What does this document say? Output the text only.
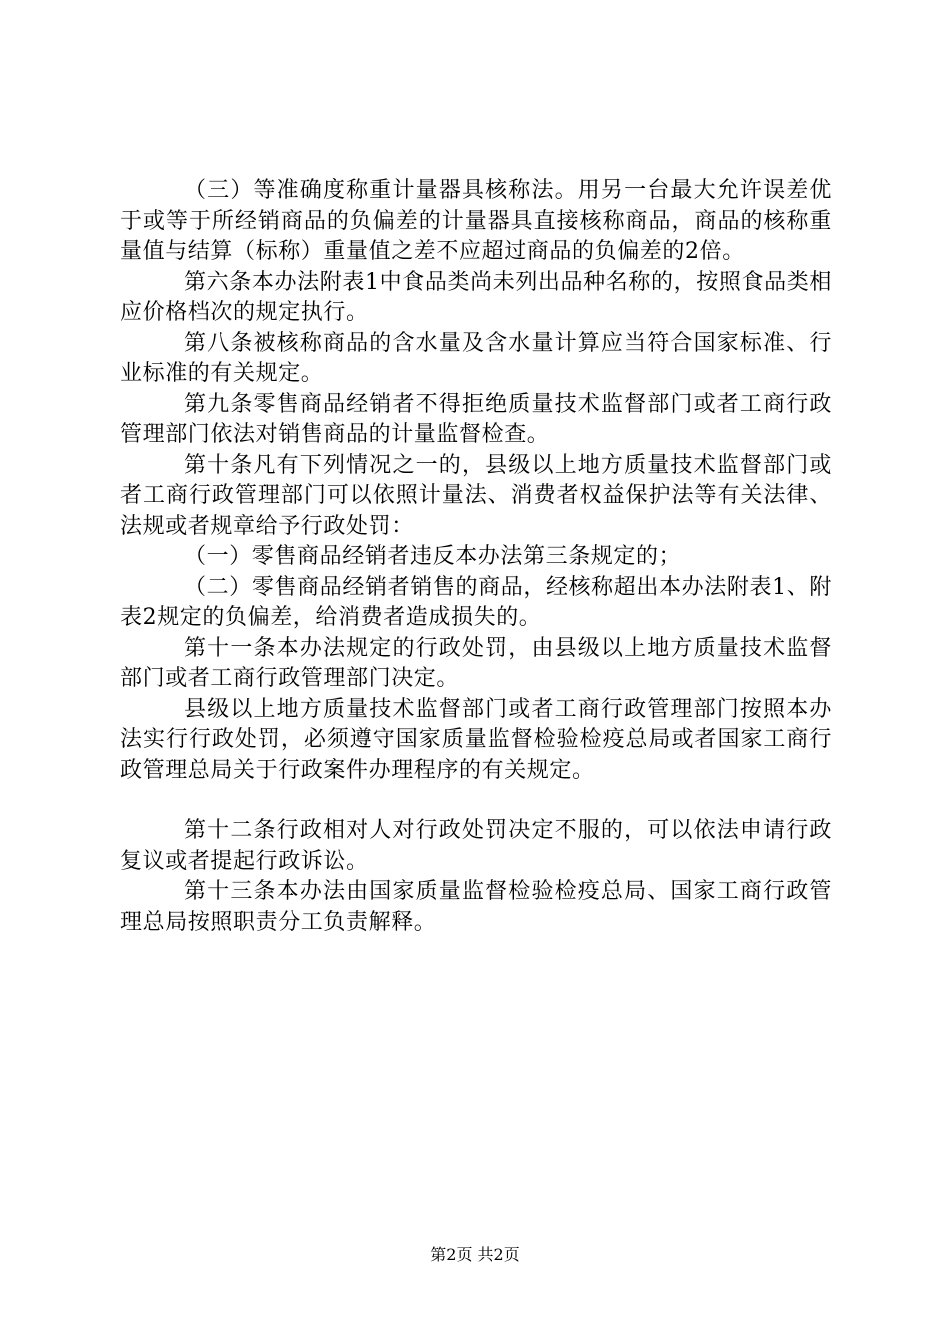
（三）等准确度称重计量器具核称法。用另一台最大允许误差优于或等于所经销商品的负偏差的计量器具直接核称商品，商品的核称重量值与结算（标称）重量值之差不应超过商品的负偏差的2倍。

第六条本办法附表1中食品类尚未列出品种名称的，按照食品类相应价格档次的规定执行。

第八条被核称商品的含水量及含水量计算应当符合国家标准、行业标准的有关规定。

第九条零售商品经销者不得拒绝质量技术监督部门或者工商行政管理部门依法对销售商品的计量监督检查。

第十条凡有下列情况之一的，县级以上地方质量技术监督部门或者工商行政管理部门可以依照计量法、消费者权益保护法等有关法律、法规或者规章给予行政处罚：

（一）零售商品经销者违反本办法第三条规定的；

（二）零售商品经销者销售的商品，经核称超出本办法附表1、附表2规定的负偏差，给消费者造成损失的。

第十一条本办法规定的行政处罚，由县级以上地方质量技术监督部门或者工商行政管理部门决定。

县级以上地方质量技术监督部门或者工商行政管理部门按照本办法实行行政处罚，必须遵守国家质量监督检验检疫总局或者国家工商行政管理总局关于行政案件办理程序的有关规定。

第十二条行政相对人对行政处罚决定不服的，可以依法申请行政复议或者提起行政诉讼。

第十三条本办法由国家质量监督检验检疫总局、国家工商行政管理总局按照职责分工负责解释。

第2页 共2页
